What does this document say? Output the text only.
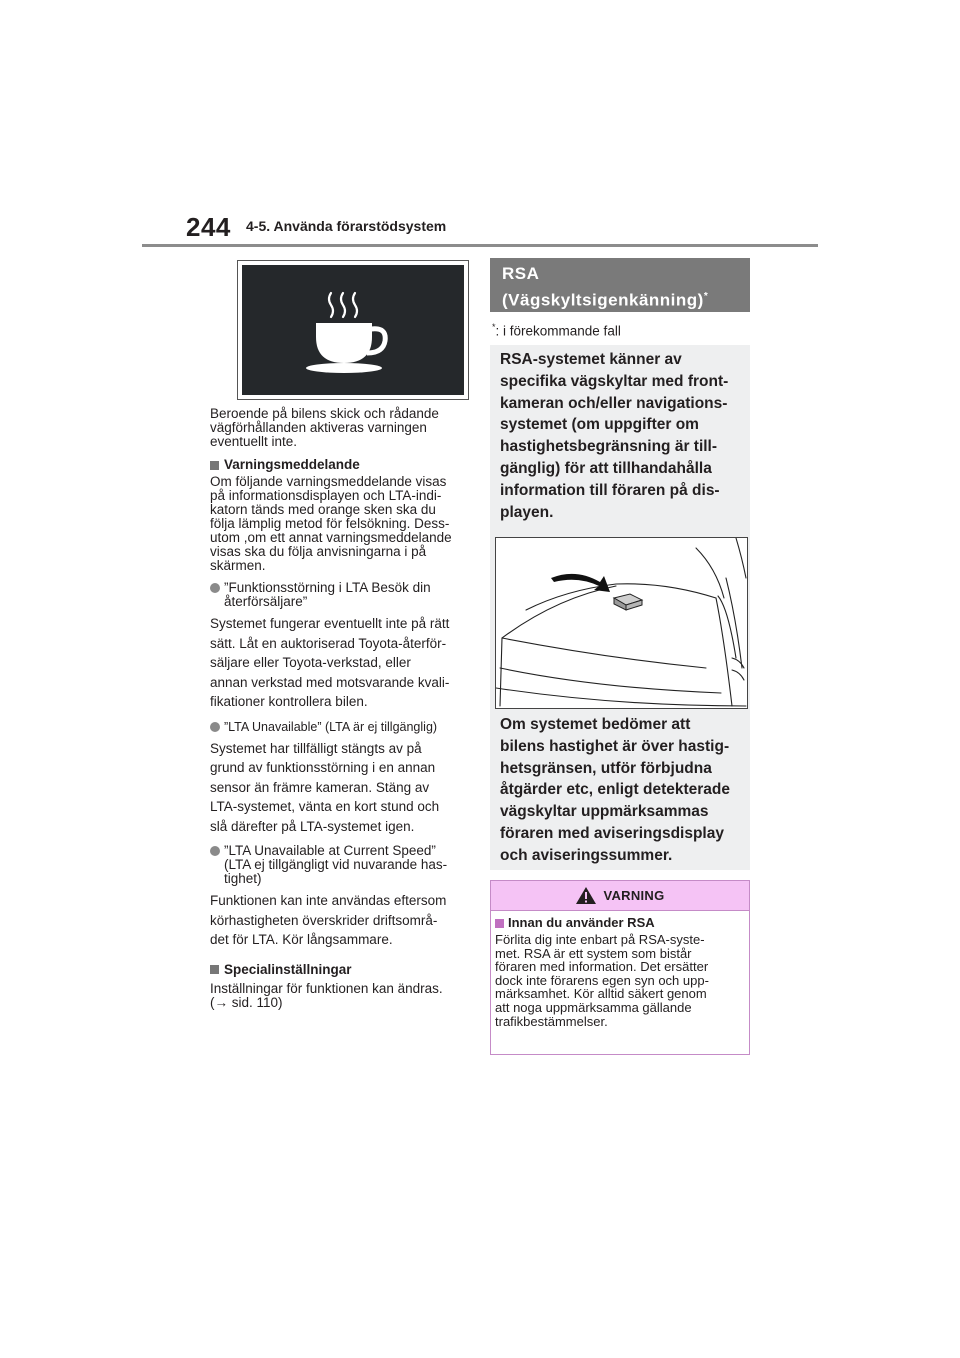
244 4-5. Använda förarstödsystem

Beroende på bilens skick och rådande
vägförhållanden aktiveras varningen
eventuellt inte.

Varningsmeddelande

Om följande varningsmeddelande visas
på informationsdisplayen och LTA-indi-
katorn tänds med orange sken ska du
följa lämplig metod för felsökning. Dess-
utom ,om ett annat varningsmeddelande
visas ska du följa anvisningarna i på
skärmen.

”Funktionsstörning i LTA Besök din
återförsäljare”

Systemet fungerar eventuellt inte på rätt
sätt. Låt en auktoriserad Toyota-återför-
säljare eller Toyota-verkstad, eller
annan verkstad med motsvarande kvali-
fikationer kontrollera bilen.

”LTA Unavailable” (LTA är ej tillgänglig)

Systemet har tillfälligt stängts av på
grund av funktionsstörning i en annan
sensor än främre kameran. Stäng av
LTA-systemet, vänta en kort stund och
slå därefter på LTA-systemet igen.

”LTA Unavailable at Current Speed”
(LTA ej tillgängligt vid nuvarande has-
tighet)

Funktionen kan inte användas eftersom
körhastigheten överskrider driftsområ-
det för LTA. Kör långsammare.

Specialinställningar

Inställningar för funktionen kan ändras.
(→ sid. 110)

RSA
(Vägskyltsigenkänning)*
*: i förekommande fall

RSA-systemet känner av
specifika vägskyltar med front-
kameran och/eller navigations-
systemet (om uppgifter om
hastighetsbegränsning är till-
gänglig) för att tillhandahålla
information till föraren på dis-
playen.

Om systemet bedömer att
bilens hastighet är över hastig-
hetsgränsen, utför förbjudna
åtgärder etc, enligt detekterade
vägskyltar uppmärksammas
föraren med aviseringsdisplay
och aviseringssummer.

VARNING
Innan du använder RSA

Förlita dig inte enbart på RSA-syste-
met. RSA är ett system som bistår
föraren med information. Det ersätter
dock inte förarens egen syn och upp-
märksamhet. Kör alltid säkert genom
att noga uppmärksamma gällande
trafikbestämmelser.
